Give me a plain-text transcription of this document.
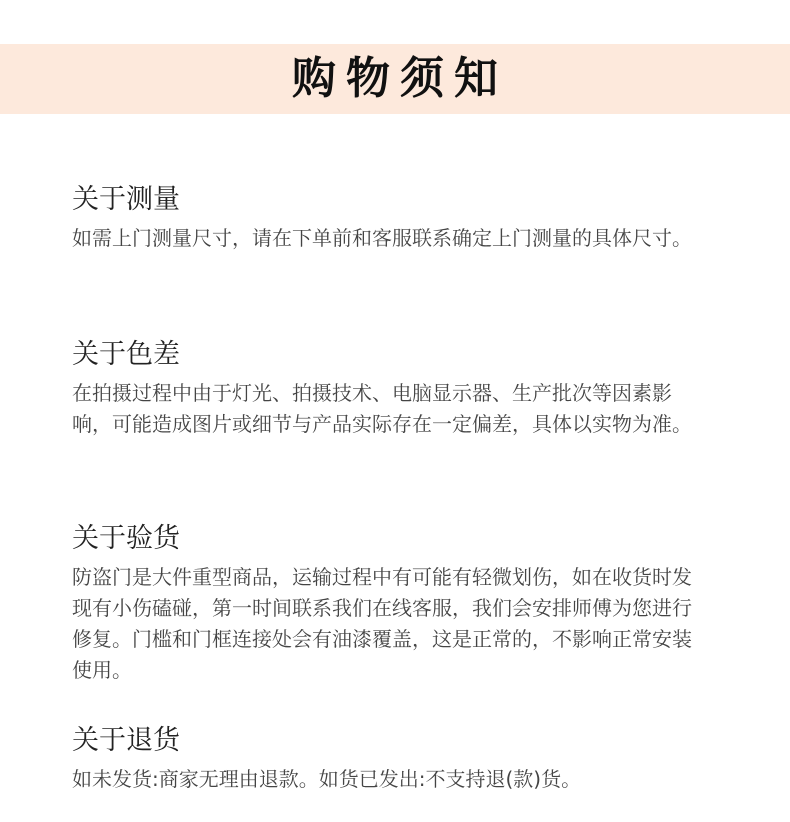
购物须知
关于测量

如需上门测量尺寸，请在下单前和客服联系确定上门测量的具体尺寸。

关于色差

在拍摄过程中由于灯光、拍摄技术、电脑显示器、生产批次等因素影响，可能造成图片或细节与产品实际存在一定偏差，具体以实物为准。

关于验货

防盗门是大件重型商品，运输过程中有可能有轻微划伤，如在收货时发现有小伤磕碰，第一时间联系我们在线客服，我们会安排师傅为您进行修复。门槛和门框连接处会有油漆覆盖，这是正常的，不影响正常安装使用。

关于退货

如未发货:商家无理由退款。如货已发出:不支持退(款)货。
